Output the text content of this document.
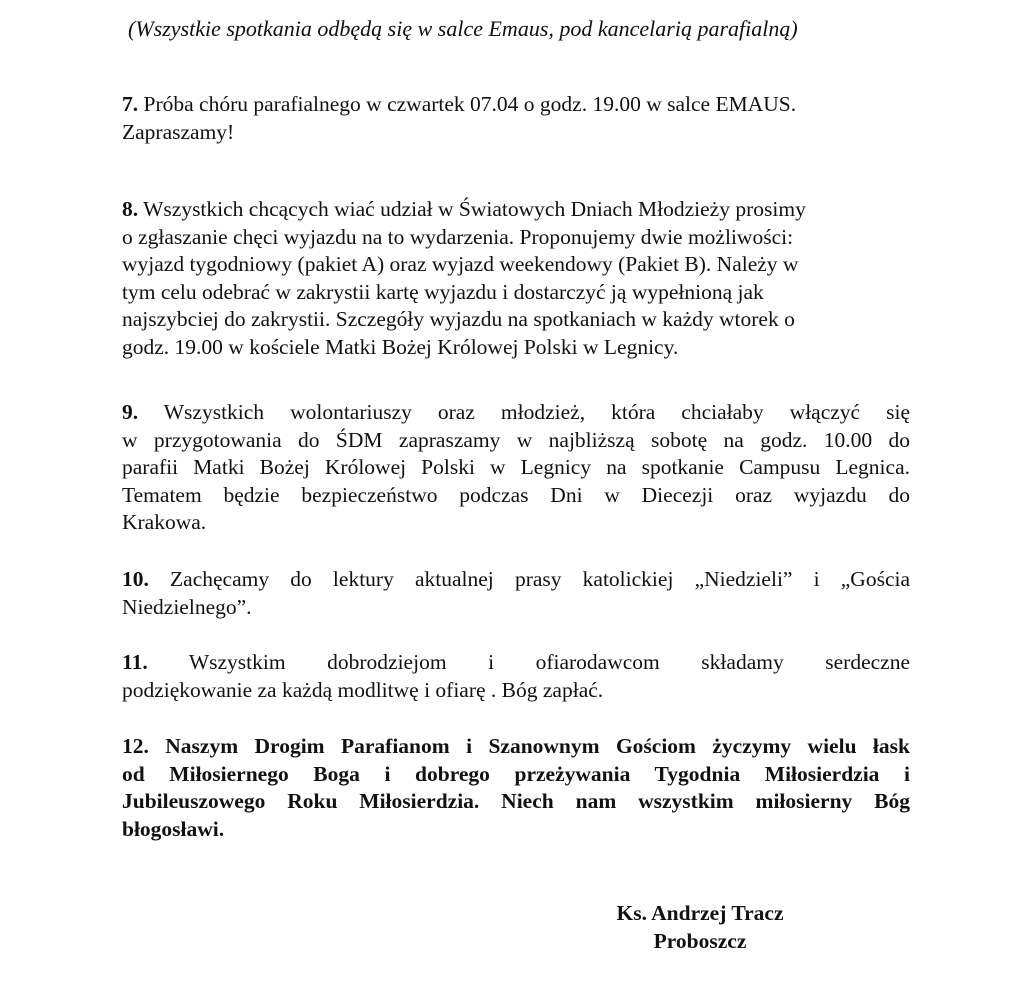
(Wszystkie spotkania odbędą się w salce Emaus, pod kancelarią parafialną)
7. Próba chóru parafialnego w czwartek 07.04 o godz. 19.00 w salce EMAUS.
Zapraszamy!
8. Wszystkich chcących wiać udział w Światowych Dniach Młodzieży prosimy
o zgłaszanie chęci wyjazdu na to wydarzenia. Proponujemy dwie możliwości:
wyjazd tygodniowy (pakiet A) oraz wyjazd weekendowy (Pakiet B). Należy w
tym celu odebrać w zakrystii kartę wyjazdu i dostarczyć ją wypełnioną jak
najszybciej do zakrystii. Szczegóły wyjazdu na spotkaniach w każdy wtorek o
godz. 19.00 w kościele Matki Bożej Królowej Polski w Legnicy.
9. Wszystkich wolontariuszy oraz młodzież, która chciałaby włączyć się
w przygotowania do ŚDM zapraszamy w najbliższą sobotę na godz. 10.00 do
parafii Matki Bożej Królowej Polski w Legnicy na spotkanie Campusu Legnica.
Tematem będzie bezpieczeństwo podczas Dni w Diecezji oraz wyjazdu do
Krakowa.
10. Zachęcamy do lektury aktualnej prasy katolickiej „Niedzieli” i „Gościa
Niedzielnego”.
11. Wszystkim dobrodziejom i ofiarodawcom składamy serdeczne
podziękowanie za każdą modlitwę i ofiarę . Bóg zapłać.
12. Naszym Drogim Parafianom i Szanownym Gościom życzymy wielu łask
od Miłosiernego Boga i dobrego przeżywania Tygodnia Miłosierdzia i
Jubileuszowego Roku Miłosierdzia. Niech nam wszystkim miłosierny Bóg
błogosławi.
Ks. Andrzej Tracz
Proboszcz
